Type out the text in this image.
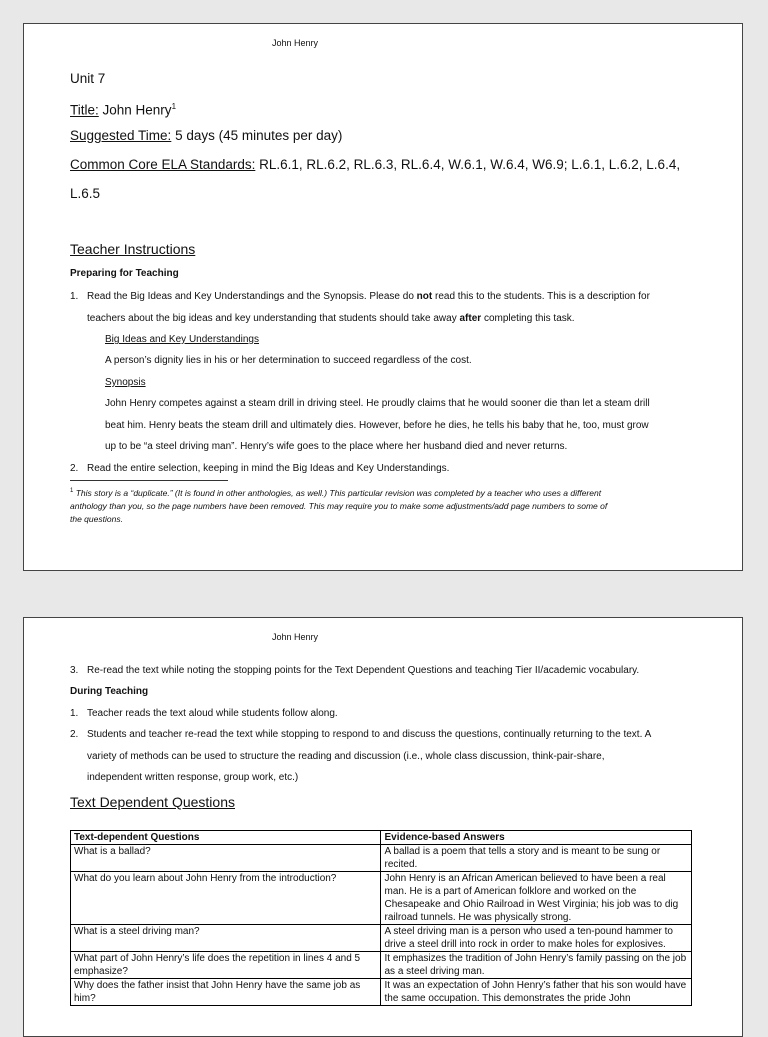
John Henry
Unit 7
Title: John Henry$^1$
Suggested Time: 5 days (45 minutes per day)
Common Core ELA Standards: RL.6.1, RL.6.2, RL.6.3, RL.6.4, W.6.1, W.6.4, W6.9; L.6.1, L.6.2, L.6.4,
L.6.5
Teacher Instructions
Preparing for Teaching
1. Read the Big Ideas and Key Understandings and the Synopsis. Please do not read this to the students. This is a description for
teachers about the big ideas and key understanding that students should take away after completing this task.
Big Ideas and Key Understandings
A person’s dignity lies in his or her determination to succeed regardless of the cost.
Synopsis
John Henry competes against a steam drill in driving steel. He proudly claims that he would sooner die than let a steam drill
beat him. Henry beats the steam drill and ultimately dies. However, before he dies, he tells his baby that he, too, must grow
up to be “a steel driving man”. Henry’s wife goes to the place where her husband died and never returns.
2. Read the entire selection, keeping in mind the Big Ideas and Key Understandings.
$^1$ This story is a “duplicate.” (It is found in other anthologies, as well.) This particular revision was completed by a teacher who uses a different
anthology than you, so the page numbers have been removed. This may require you to make some adjustments/add page numbers to some of
the questions.
John Henry
3. Re-read the text while noting the stopping points for the Text Dependent Questions and teaching Tier II/academic vocabulary.
During Teaching
1. Teacher reads the text aloud while students follow along.
2. Students and teacher re-read the text while stopping to respond to and discuss the questions, continually returning to the text. A
variety of methods can be used to structure the reading and discussion (i.e., whole class discussion, think-pair-share,
independent written response, group work, etc.)
Text Dependent Questions
Text-dependent Questions	Evidence-based Answers
What is a ballad?	A ballad is a poem that tells a story and is meant to be sung or recited.
What do you learn about John Henry from the introduction?	John Henry is an African American believed to have been a real man. He is a part of American folklore and worked on the Chesapeake and Ohio Railroad in West Virginia; his job was to dig railroad tunnels. He was physically strong.
What is a steel driving man?	A steel driving man is a person who used a ten-pound hammer to drive a steel drill into rock in order to make holes for explosives.
What part of John Henry’s life does the repetition in lines 4 and 5 emphasize?	It emphasizes the tradition of John Henry’s family passing on the job as a steel driving man.
Why does the father insist that John Henry have the same job as him?	It was an expectation of John Henry’s father that his son would have the same occupation. This demonstrates the pride John
